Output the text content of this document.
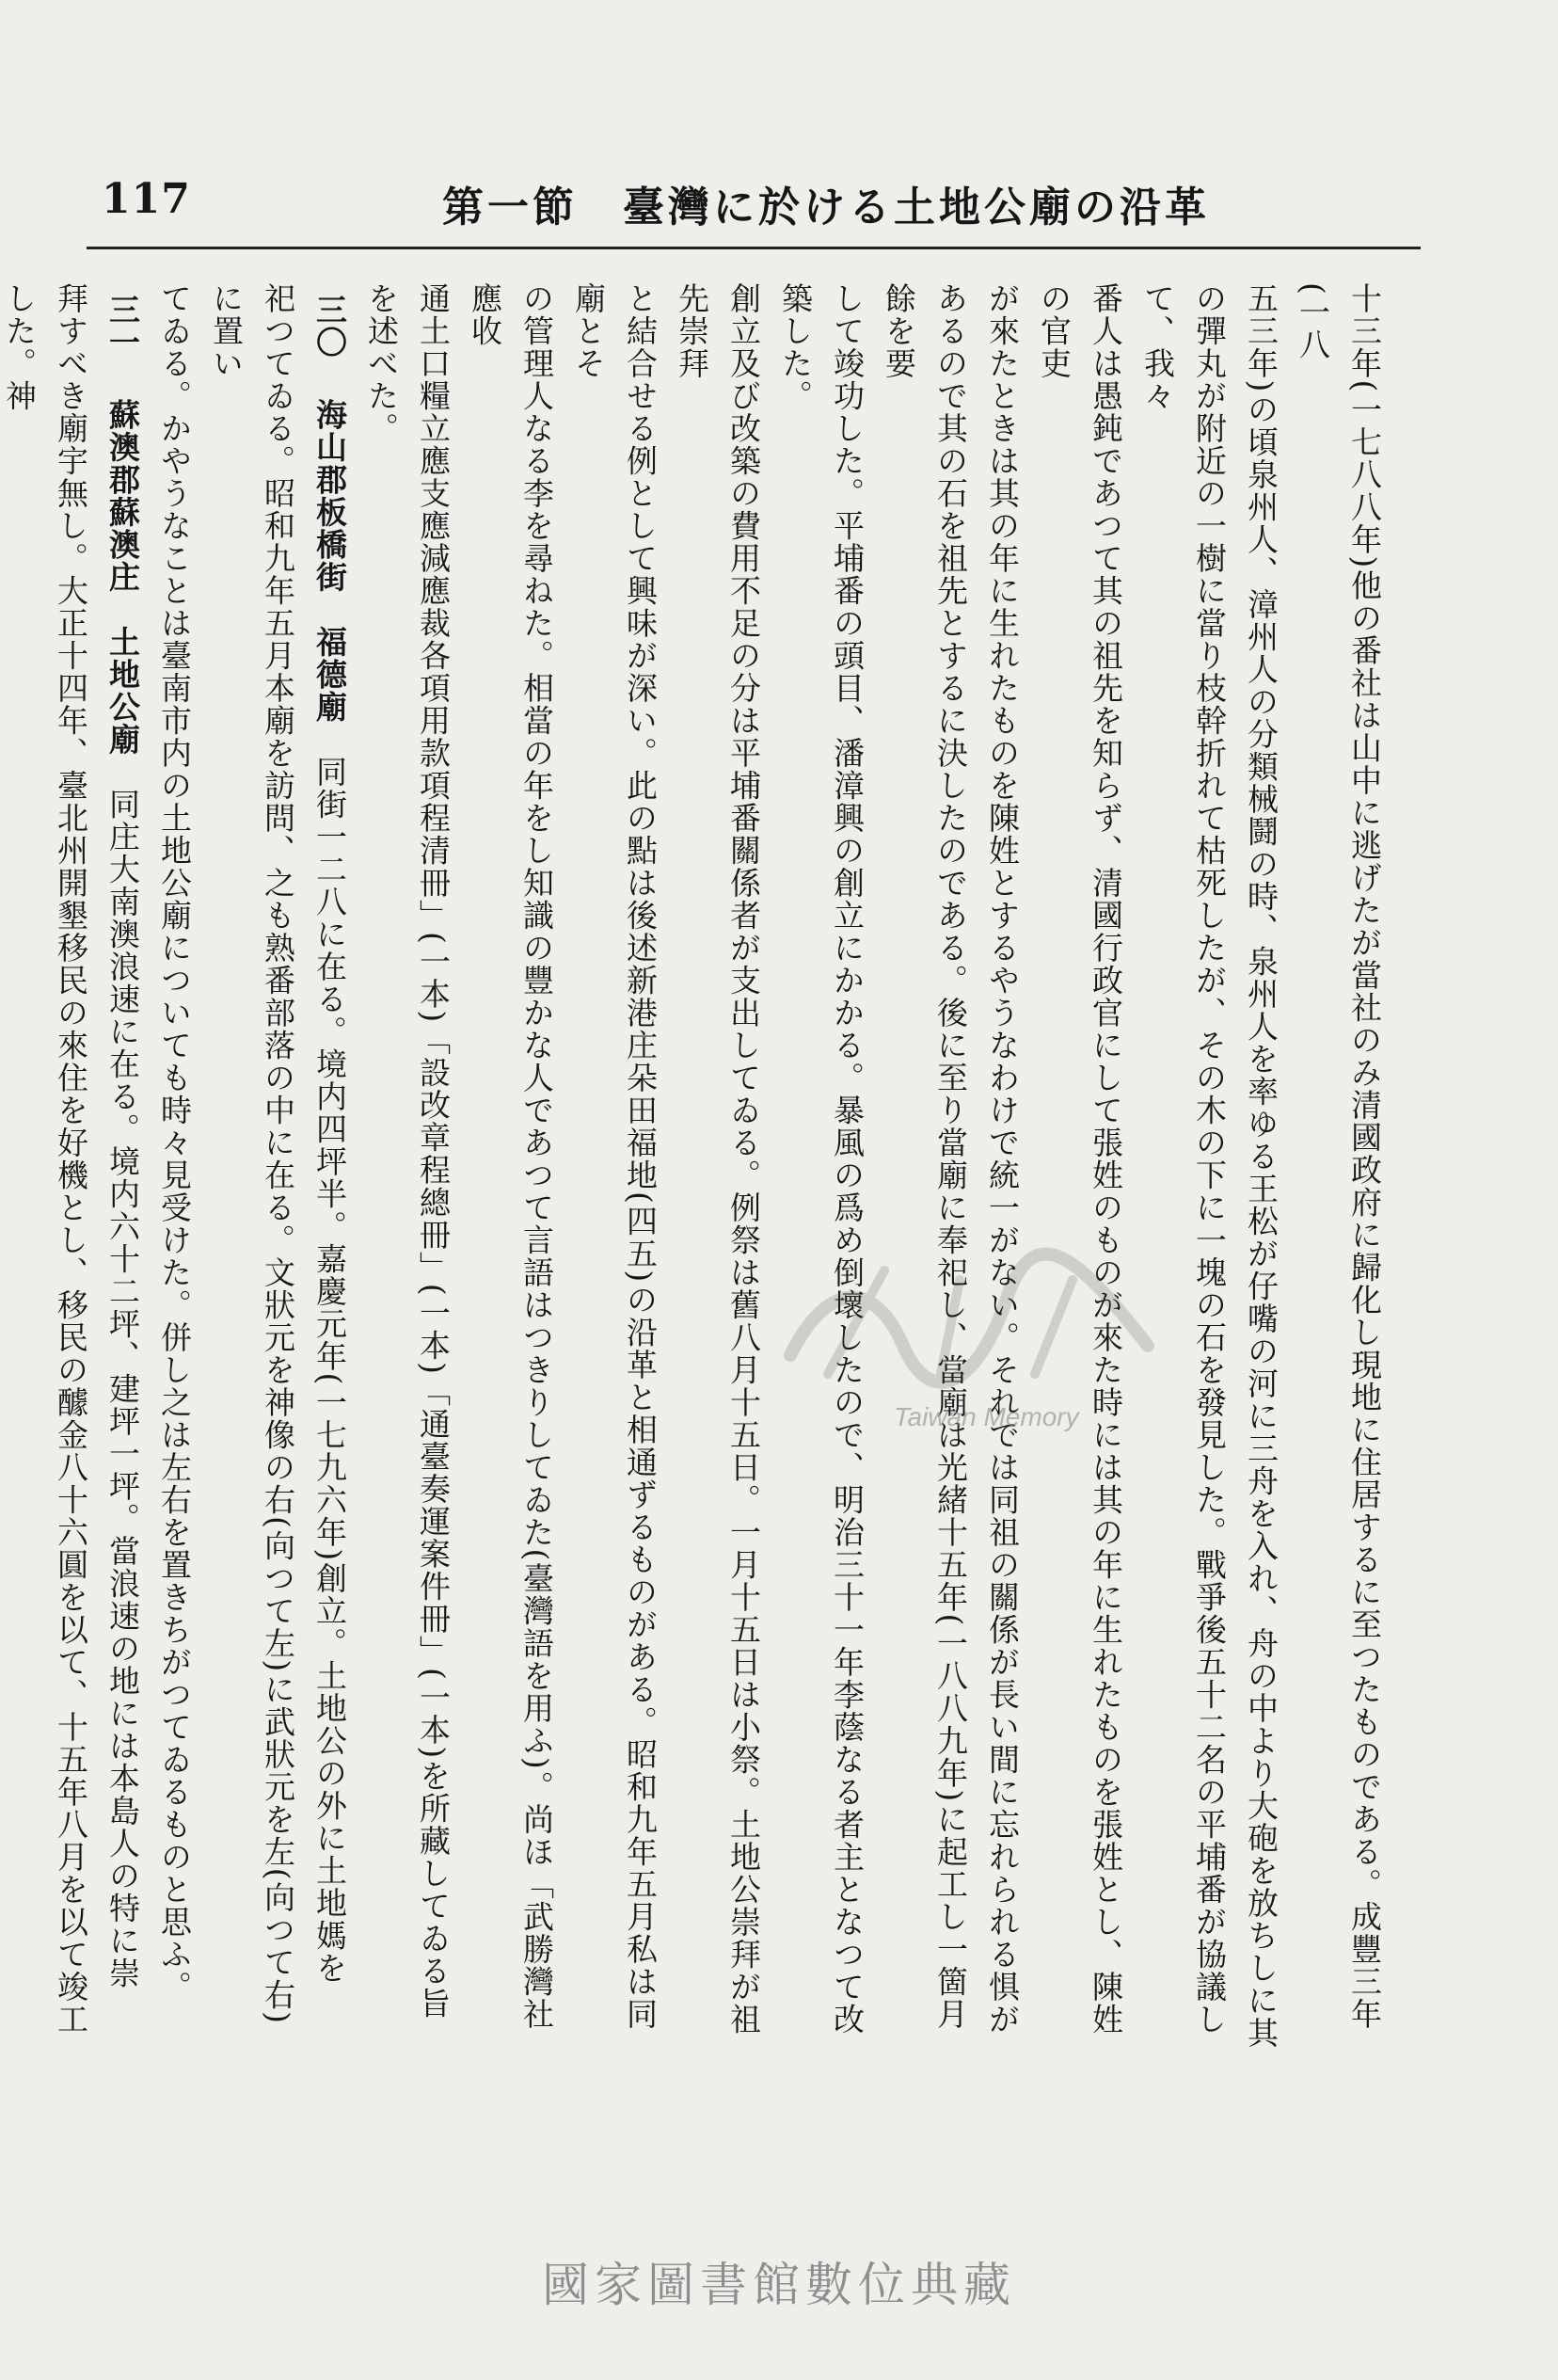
117	第一節　臺灣に於ける土地公廟の沿革

十三年(一七八八年)他の番社は山中に逃げたが當社のみ清國政府に歸化し現地に住居するに至つたものである。成豐三年(一八

五三年)の頃泉州人、漳州人の分類械鬪の時、泉州人を率ゆる王松が仔嘴の河に三舟を入れ、舟の中より大砲を放ちしに其

の彈丸が附近の一樹に當り枝幹折れて枯死したが、その木の下に一塊の石を發見した。戰爭後五十二名の平埔番が協議して、我々

番人は愚鈍であつて其の祖先を知らず、清國行政官にして張姓のものが來た時には其の年に生れたものを張姓とし、陳姓の官吏

が來たときは其の年に生れたものを陳姓とするやうなわけで統一がない。それでは同祖の關係が長い間に忘れられる惧が

あるので其の石を祖先とするに決したのである。後に至り當廟に奉祀し、當廟は光緒十五年(一八八九年)に起工し一箇月餘を要

して竣功した。平埔番の頭目、潘漳興の創立にかかる。暴風の爲め倒壞したので、明治三十一年李蔭なる者主となつて改築した。

創立及び改築の費用不足の分は平埔番關係者が支出してゐる。例祭は舊八月十五日。一月十五日は小祭。土地公崇拜が祖先崇拜

と結合せる例として興味が深い。此の點は後述新港庄朵田福地(四五)の沿革と相通ずるものがある。昭和九年五月私は同廟とそ

の管理人なる李を尋ねた。相當の年をし知識の豐かな人であつて言語はつきりしてゐた(臺灣語を用ふ)。尚ほ「武勝灣社應收

通土口糧立應支應減應裁各項用款項程清冊」(一本)「設改章程總冊」(一本)「通臺奏運案件冊」(一本)を所藏してゐる旨を述べた。

三〇　海山郡板橋街　福德廟　同街一二八に在る。境内四坪半。嘉慶元年(一七九六年)創立。土地公の外に土地媽を

祀つてゐる。昭和九年五月本廟を訪問、之も熟番部落の中に在る。文狀元を神像の右(向つて左)に武狀元を左(向つて右)に置い

てゐる。かやうなことは臺南市内の土地公廟についても時々見受けた。併し之は左右を置きちがつてゐるものと思ふ。

三一　蘇澳郡蘇澳庄　土地公廟　同庄大南澳浪速に在る。境内六十二坪、建坪一坪。當浪速の地には本島人の特に崇

拜すべき廟宇無し。大正十四年、臺北州開墾移民の來住を好機とし、移民の醵金八十六圓を以て、十五年八月を以て竣工した。神

Taiwan Memory
國家圖書館數位典藏
